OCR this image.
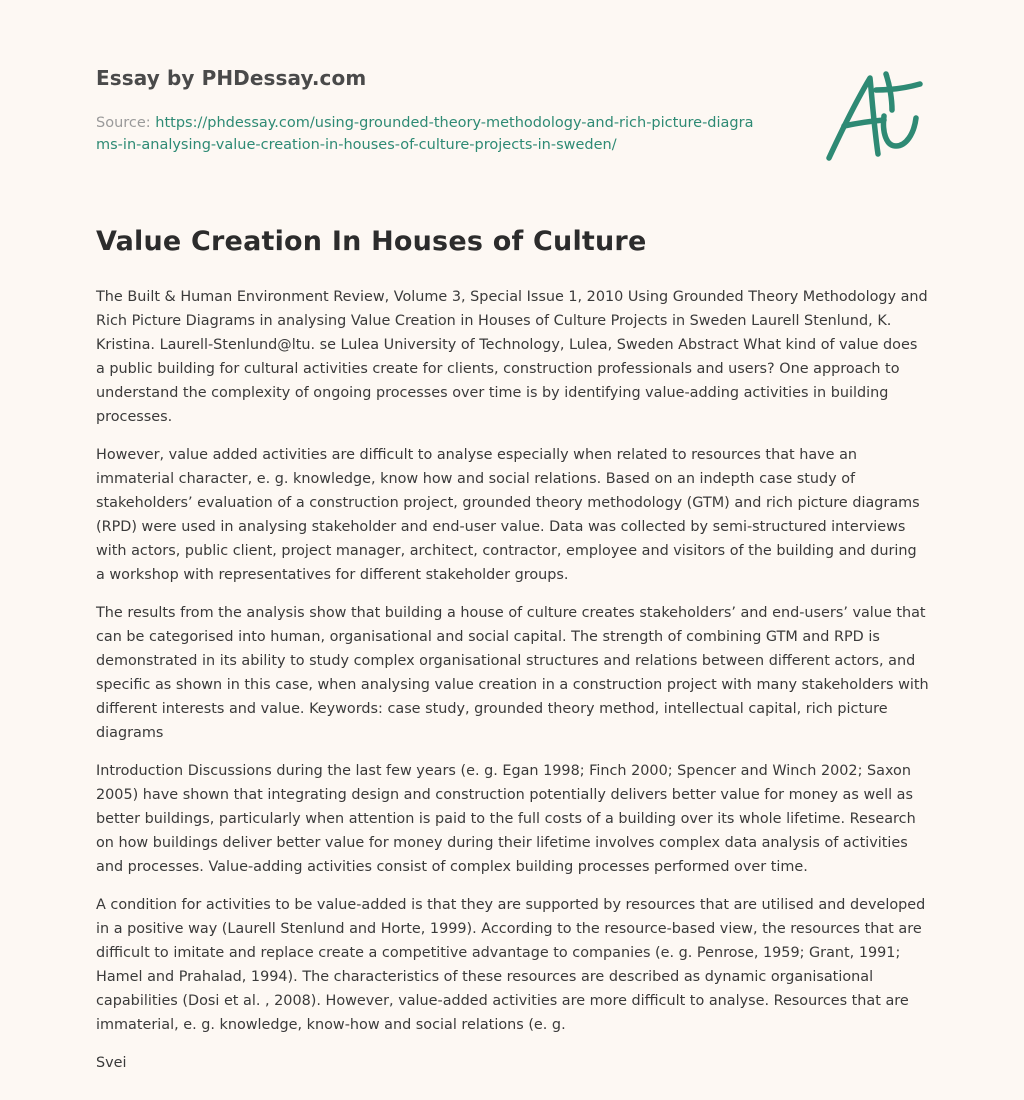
Essay by PHDessay.com
Source: https://phdessay.com/using-grounded-theory-methodology-and-rich-picture-diagrams-in-analysing-value-creation-in-houses-of-culture-projects-in-sweden/
Value Creation In Houses of Culture

The Built & Human Environment Review, Volume 3, Special Issue 1, 2010 Using Grounded Theory Methodology and Rich Picture Diagrams in analysing Value Creation in Houses of Culture Projects in Sweden Laurell Stenlund, K. Kristina. Laurell-Stenlund@ltu. se Lulea University of Technology, Lulea, Sweden Abstract What kind of value does a public building for cultural activities create for clients, construction professionals and users? One approach to understand the complexity of ongoing processes over time is by identifying value-adding activities in building processes.

However, value added activities are difficult to analyse especially when related to resources that have an immaterial character, e. g. knowledge, know how and social relations. Based on an indepth case study of stakeholders’ evaluation of a construction project, grounded theory methodology (GTM) and rich picture diagrams (RPD) were used in analysing stakeholder and end-user value. Data was collected by semi-structured interviews with actors, public client, project manager, architect, contractor, employee and visitors of the building and during a workshop with representatives for different stakeholder groups.

The results from the analysis show that building a house of culture creates stakeholders’ and end-users’ value that can be categorised into human, organisational and social capital. The strength of combining GTM and RPD is demonstrated in its ability to study complex organisational structures and relations between different actors, and specific as shown in this case, when analysing value creation in a construction project with many stakeholders with different interests and value. Keywords: case study, grounded theory method, intellectual capital, rich picture diagrams

Introduction Discussions during the last few years (e. g. Egan 1998; Finch 2000; Spencer and Winch 2002; Saxon 2005) have shown that integrating design and construction potentially delivers better value for money as well as better buildings, particularly when attention is paid to the full costs of a building over its whole lifetime. Research on how buildings deliver better value for money during their lifetime involves complex data analysis of activities and processes. Value-adding activities consist of complex building processes performed over time.

A condition for activities to be value-added is that they are supported by resources that are utilised and developed in a positive way (Laurell Stenlund and Horte, 1999). According to the resource-based view, the resources that are difficult to imitate and replace create a competitive advantage to companies (e. g. Penrose, 1959; Grant, 1991; Hamel and Prahalad, 1994). The characteristics of these resources are described as dynamic organisational capabilities (Dosi et al. , 2008). However, value-added activities are more difficult to analyse. Resources that are immaterial, e. g. knowledge, know-how and social relations (e. g.

Svei
